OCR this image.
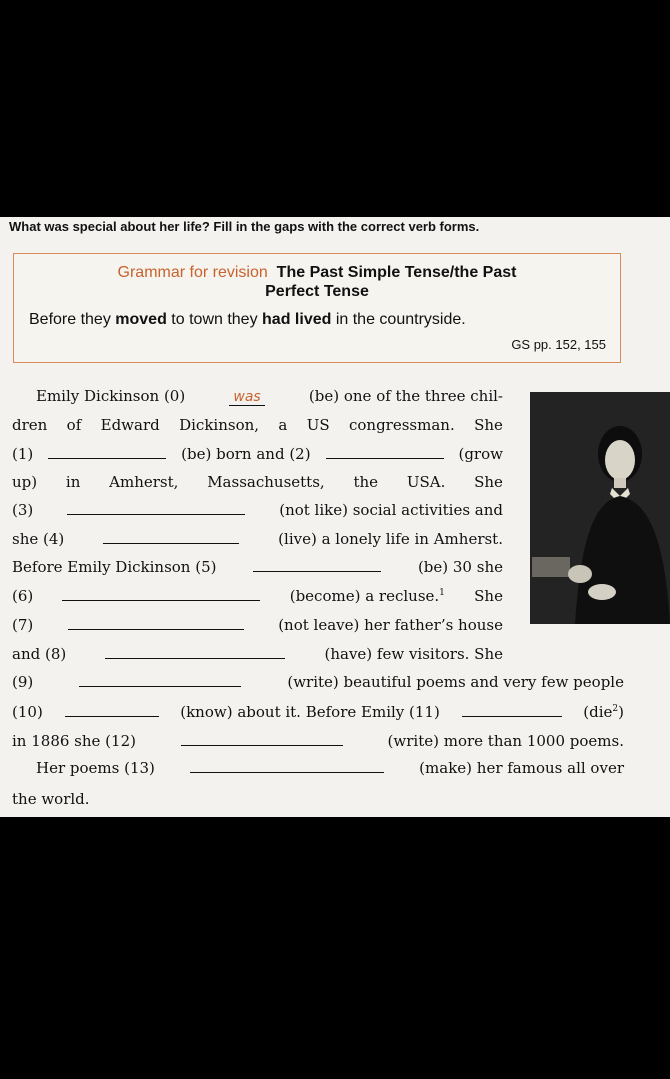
What was special about her life? Fill in the gaps with the correct verb forms.
Grammar for revision The Past Simple Tense/the Past
Perfect Tense
Before they moved to town they had lived in the countryside.
GS pp. 152, 155
Emily Dickinson (0)	was	(be) one of the three chil-
dren of Edward Dickinson, a US congressman. She
(1)	(be) born and (2)	(grow
up) in Amherst, Massachusetts, the USA. She
(3)	(not like) social activities and
she (4)	(live) a lonely life in Amherst.
Before Emily Dickinson (5)	(be) 30 she
(6)	(become) a recluse.$^1$ She
(7)	(not leave) her father’s house
and (8)	(have) few visitors. She
(9)	(write) beautiful poems and very few people
(10)	(know) about it. Before Emily (11)	(die$^2$)
in 1886 she (12)	(write) more than 1000 poems.
Her poems (13)	(make) her famous all over
the world.
